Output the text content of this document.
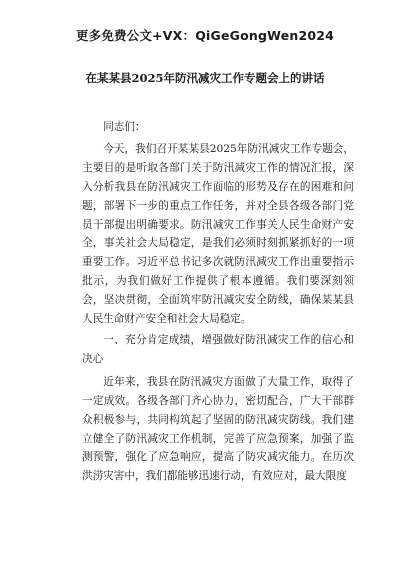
更多免费公文+VX：QiGeGongWen2024
在某某县2025年防汛减灾工作专题会上的讲话

同志们：

今天，我们召开某某县2025年防汛减灾工作专题会，主要目的是听取各部门关于防汛减灾工作的情况汇报，深入分析我县在防汛减灾工作面临的形势及存在的困难和问题，部署下一步的重点工作任务，并对全县各级各部门党员干部提出明确要求。防汛减灾工作事关人民生命财产安全，事关社会大局稳定，是我们必须时刻抓紧抓好的一项重要工作。习近平总书记多次就防汛减灾工作出重要指示批示，为我们做好工作提供了根本遵循。我们要深刻领会，坚决贯彻，全面筑牢防汛减灾安全防线，确保某某县人民生命财产安全和社会大局稳定。

一、充分肯定成绩，增强做好防汛减灾工作的信心和决心

近年来，我县在防汛减灾方面做了大量工作，取得了一定成效。各级各部门齐心协力，密切配合，广大干部群众积极参与，共同构筑起了坚固的防汛减灾防线。我们建立健全了防汛减灾工作机制，完善了应急预案，加强了监测预警，强化了应急响应，提高了防灾减灾能力。在历次洪涝灾害中，我们都能够迅速行动，有效应对，最大限度
